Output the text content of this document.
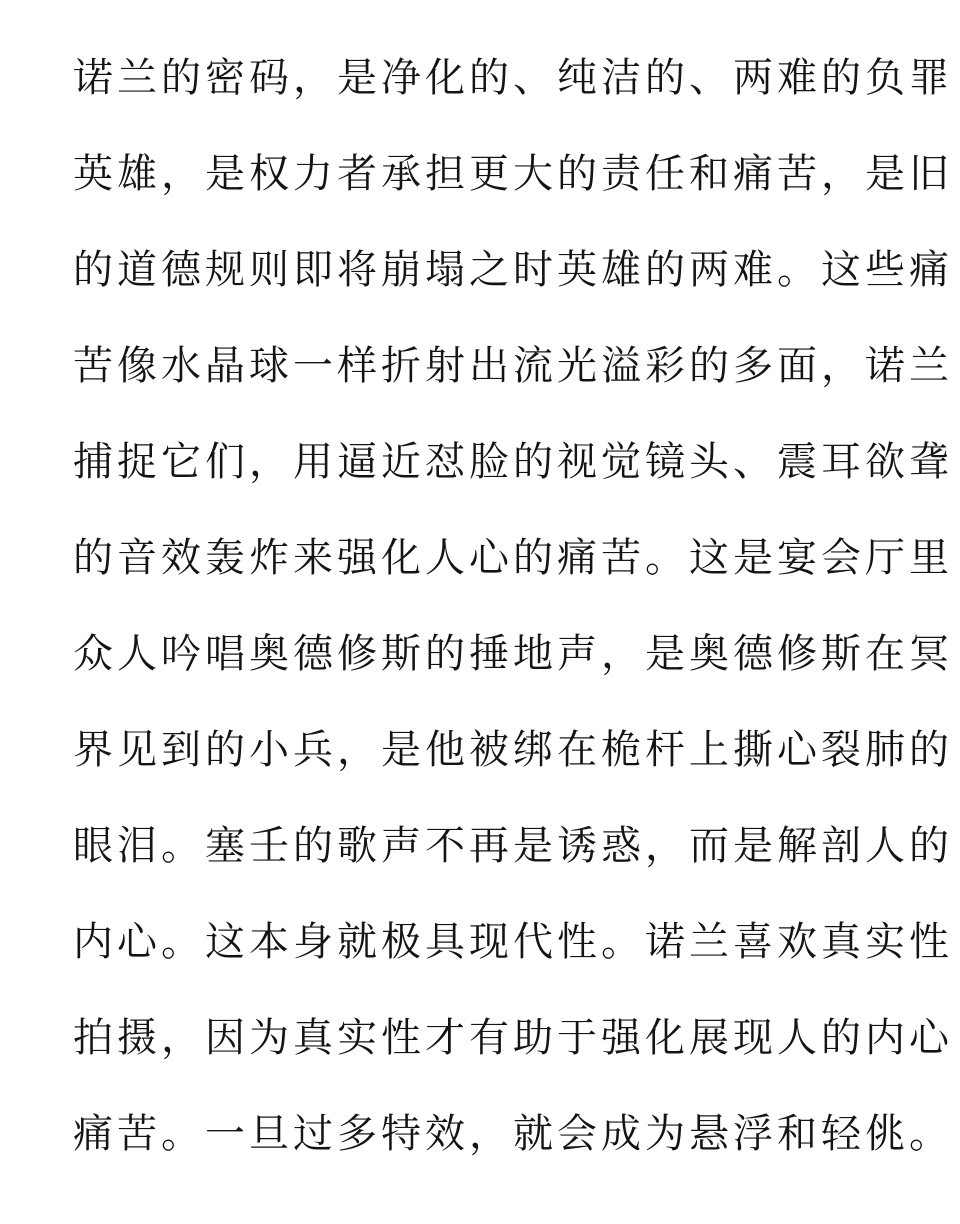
诺兰的密码，是净化的、纯洁的、两难的负罪
英雄，是权力者承担更大的责任和痛苦，是旧
的道德规则即将崩塌之时英雄的两难。这些痛
苦像水晶球一样折射出流光溢彩的多面，诺兰
捕捉它们，用逼近怼脸的视觉镜头、震耳欲聋
的音效轰炸来强化人心的痛苦。这是宴会厅里
众人吟唱奥德修斯的捶地声，是奥德修斯在冥
界见到的小兵，是他被绑在桅杆上撕心裂肺的
眼泪。塞壬的歌声不再是诱惑，而是解剖人的
内心。这本身就极具现代性。诺兰喜欢真实性
拍摄，因为真实性才有助于强化展现人的内心
痛苦。一旦过多特效，就会成为悬浮和轻佻。
